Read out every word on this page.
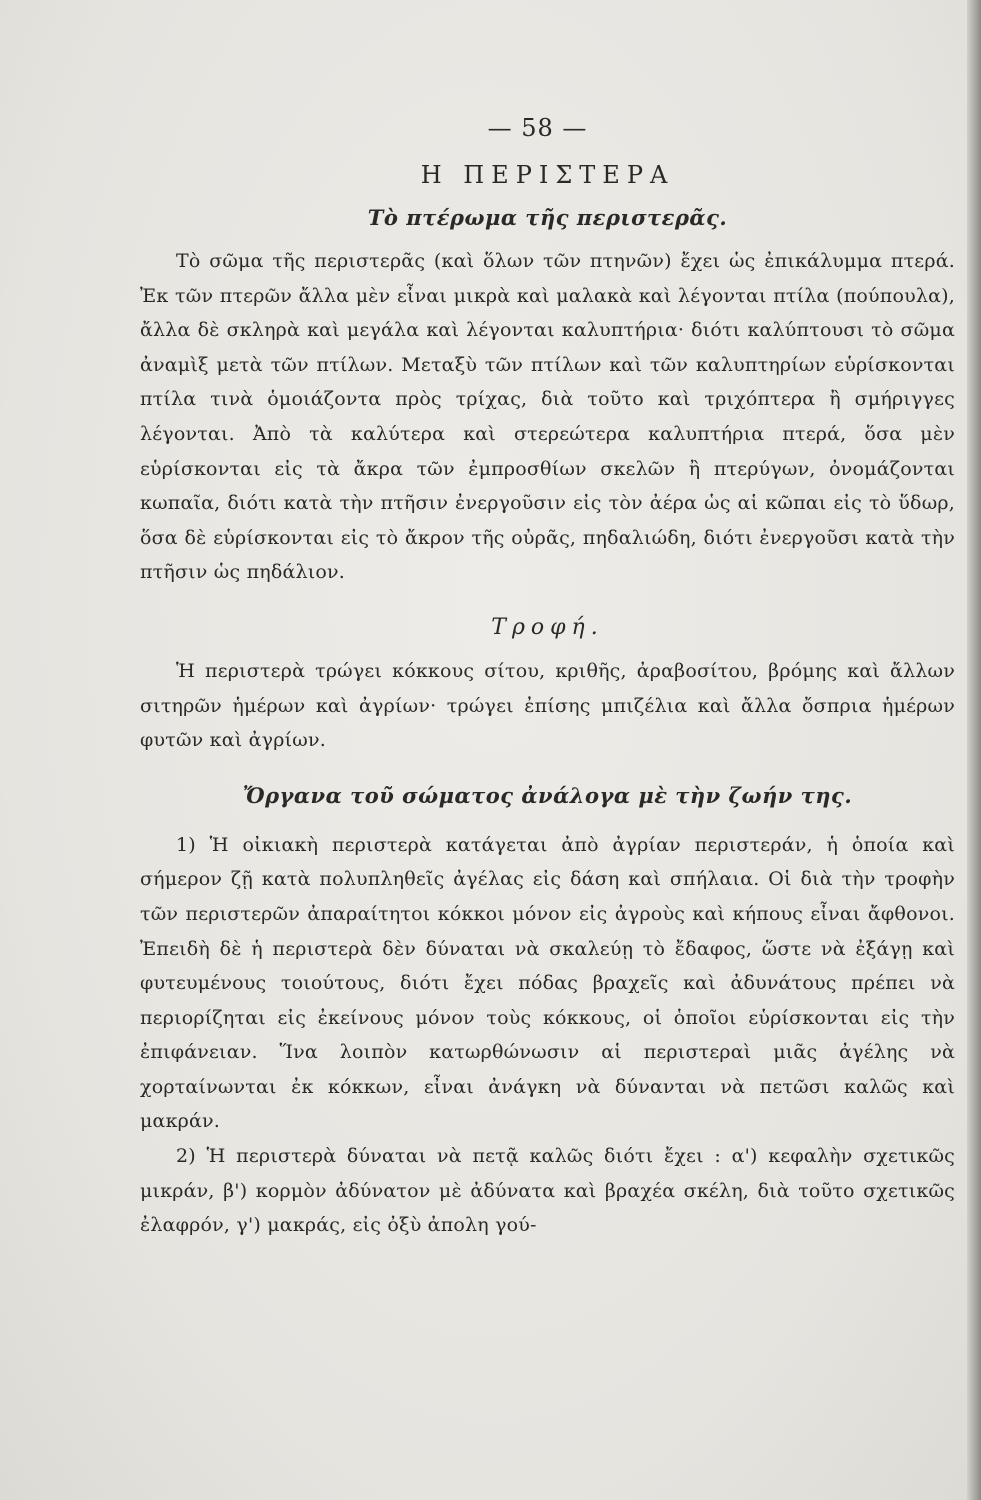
— 58 —
Η ΠΕΡΙΣΤΕΡΑ
Τὸ πτέρωμα τῆς περιστερᾶς.

Τὸ σῶμα τῆς περιστερᾶς (καὶ ὅλων τῶν πτηνῶν) ἔχει ὡς ἐπικάλυμμα πτερά. Ἐκ τῶν πτερῶν ἄλλα μὲν εἶναι μικρὰ καὶ μαλακὰ καὶ λέγονται πτίλα (πούπουλα), ἄλλα δὲ σκληρὰ καὶ μεγάλα καὶ λέγονται καλυπτήρια· διότι καλύπτουσι τὸ σῶμα ἀναμὶξ μετὰ τῶν πτίλων. Μεταξὺ τῶν πτίλων καὶ τῶν καλυπτηρίων εὑρίσκονται πτίλα τινὰ ὁμοιάζοντα πρὸς τρίχας, διὰ τοῦτο καὶ τριχόπτερα ἢ σμήριγγες λέγονται. Ἀπὸ τὰ καλύτερα καὶ στερεώτερα καλυπτήρια πτερά, ὅσα μὲν εὑρίσκονται εἰς τὰ ἄκρα τῶν ἐμπροσθίων σκελῶν ἢ πτερύγων, ὀνομάζονται κωπαῖα, διότι κατὰ τὴν πτῆσιν ἐνεργοῦσιν εἰς τὸν ἀέρα ὡς αἱ κῶπαι εἰς τὸ ὕδωρ, ὅσα δὲ εὑρίσκονται εἰς τὸ ἄκρον τῆς οὐρᾶς, πηδαλιώδη, διότι ἐνεργοῦσι κατὰ τὴν πτῆσιν ὡς πηδάλιον.

Τροφή.

Ἡ περιστερὰ τρώγει κόκκους σίτου, κριθῆς, ἀραβοσίτου, βρόμης καὶ ἄλλων σιτηρῶν ἡμέρων καὶ ἀγρίων· τρώγει ἐπίσης μπιζέλια καὶ ἄλλα ὄσπρια ἡμέρων φυτῶν καὶ ἀγρίων.

Ὄργανα τοῦ σώματος ἀνάλογα μὲ τὴν ζωήν της.

1) Ἡ οἰκιακὴ περιστερὰ κατάγεται ἀπὸ ἀγρίαν περιστεράν, ἡ ὁποία καὶ σήμερον ζῇ κατὰ πολυπληθεῖς ἀγέλας εἰς δάση καὶ σπήλαια. Οἱ διὰ τὴν τροφὴν τῶν περιστερῶν ἀπαραίτητοι κόκκοι μόνον εἰς ἀγροὺς καὶ κήπους εἶναι ἄφθονοι. Ἐπειδὴ δὲ ἡ περιστερὰ δὲν δύναται νὰ σκαλεύῃ τὸ ἔδαφος, ὥστε νὰ ἐξάγῃ καὶ φυτευμένους τοιούτους, διότι ἔχει πόδας βραχεῖς καὶ ἀδυνάτους πρέπει νὰ περιορίζηται εἰς ἐκείνους μόνον τοὺς κόκκους, οἱ ὁποῖοι εὑρίσκονται εἰς τὴν ἐπιφάνειαν. Ἵνα λοιπὸν κατωρθώνωσιν αἱ περιστεραὶ μιᾶς ἀγέλης νὰ χορταίνωνται ἐκ κόκκων, εἶναι ἀνάγκη νὰ δύνανται νὰ πετῶσι καλῶς καὶ μακράν.

2) Ἡ περιστερὰ δύναται νὰ πετᾷ καλῶς διότι ἔχει : α') κεφαλὴν σχετικῶς μικράν, β') κορμὸν ἀδύνατον μὲ ἀδύνατα καὶ βραχέα σκέλη, διὰ τοῦτο σχετικῶς ἐλαφρόν, γ') μακράς, εἰς ὀξὺ ἀπολη γού-
